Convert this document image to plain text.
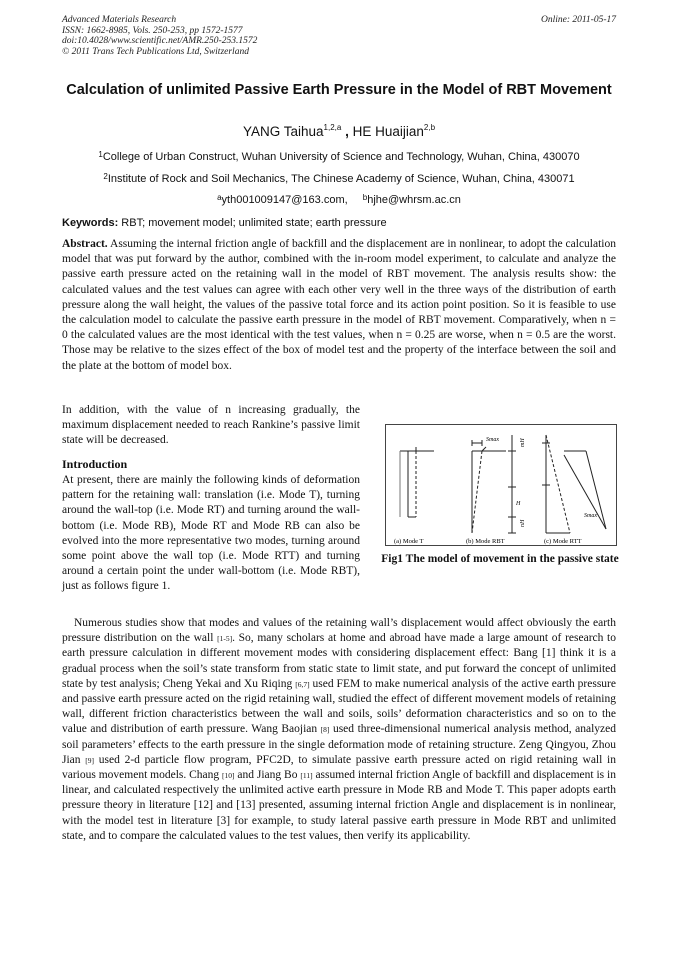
Advanced Materials Research
ISSN: 1662-8985, Vols. 250-253, pp 1572-1577
doi:10.4028/www.scientific.net/AMR.250-253.1572
© 2011 Trans Tech Publications Ltd, Switzerland
Online: 2011-05-17
Calculation of unlimited Passive Earth Pressure in the Model of RBT Movement
YANG Taihua$^{1,2,a}$ , HE Huaijian$^{2,b}$
$^1$College of Urban Construct, Wuhan University of Science and Technology, Wuhan, China, 430070
$^2$Institute of Rock and Soil Mechanics, The Chinese Academy of Science, Wuhan, China, 430071
$^a$yth001009147@163.com, $^b$hjhe@whrsm.ac.cn
Keywords: RBT; movement model; unlimited state; earth pressure
Abstract. Assuming the internal friction angle of backfill and the displacement are in nonlinear, to adopt the calculation model that was put forward by the author, combined with the in-room model experiment, to calculate and analyze the passive earth pressure acted on the retaining wall in the model of RBT movement. The analysis results show: the calculated values and the test values can agree with each other very well in the three ways of the distribution of earth pressure along the wall height, the values of the passive total force and its action point position. So it is feasible to use the calculation model to calculate the passive earth pressure in the model of RBT movement. Comparatively, when n = 0 the calculated values are the most identical with the test values, when n = 0.25 are worse, when n = 0.5 are the worst. Those may be relative to the sizes effect of the box of model test and the property of the interface between the soil and the plate at the bottom of model box.
In addition, with the value of n increasing gradually, the maximum displacement needed to reach Rankine’s passive limit state will be decreased.
Introduction
At present, there are mainly the following kinds of deformation pattern for the retaining wall: translation (i.e. Mode T), turning around the wall-top (i.e. Mode RT) and turning around the wall- bottom (i.e. Mode RB), Mode RT and Mode RB can also be evolved into the more representative two modes, turning around some point above the wall top (i.e. Mode RTT) and turning around a certain point the under wall-bottom (i.e. Mode RBT), just as follows figure 1.
Numerous studies show that modes and values of the retaining wall’s displacement would affect obviously the earth pressure distribution on the wall [1-5]. So, many scholars at home and abroad have made a large amount of research to earth pressure calculation in different movement modes with considering displacement effect: Bang [1] think it is a gradual process when the soil’s state transform from static state to limit state, and put forward the concept of unlimited state by test analysis; Cheng Yekai and Xu Riqing [6,7] used FEM to make numerical analysis of the active earth pressure and passive earth pressure acted on the rigid retaining wall, studied the effect of different movement models of retaining wall, different friction characteristics between the wall and soils, soils’ deformation characteristics and so on to the value and distribution of earth pressure. Wang Baojian [8] used three-dimensional numerical analysis method, analyzed soil parameters’ effects to the earth pressure in the single deformation mode of retaining structure. Zeng Qingyou, Zhou Jian [9] used 2-d particle flow program, PFC2D, to simulate passive earth pressure acted on rigid retaining wall in various movement models. Chang [10] and Jiang Bo [11] assumed internal friction Angle of backfill and displacement is in linear, and calculated respectively the unlimited active earth pressure in Mode RB and Mode T. This paper adopts earth pressure theory in literature [12] and [13] presented, assuming internal friction Angle and displacement is in nonlinear, with the model test in literature [3] for example, to study lateral passive earth pressure in Mode RBT and unlimited state, and to compare the calculated values to the test values, then verify its applicability.
Smax	mH
H
nH
Smax
(a) Mode T	(b) Mode RBT	(c) Mode RTT
Fig1 The model of movement in the passive state
